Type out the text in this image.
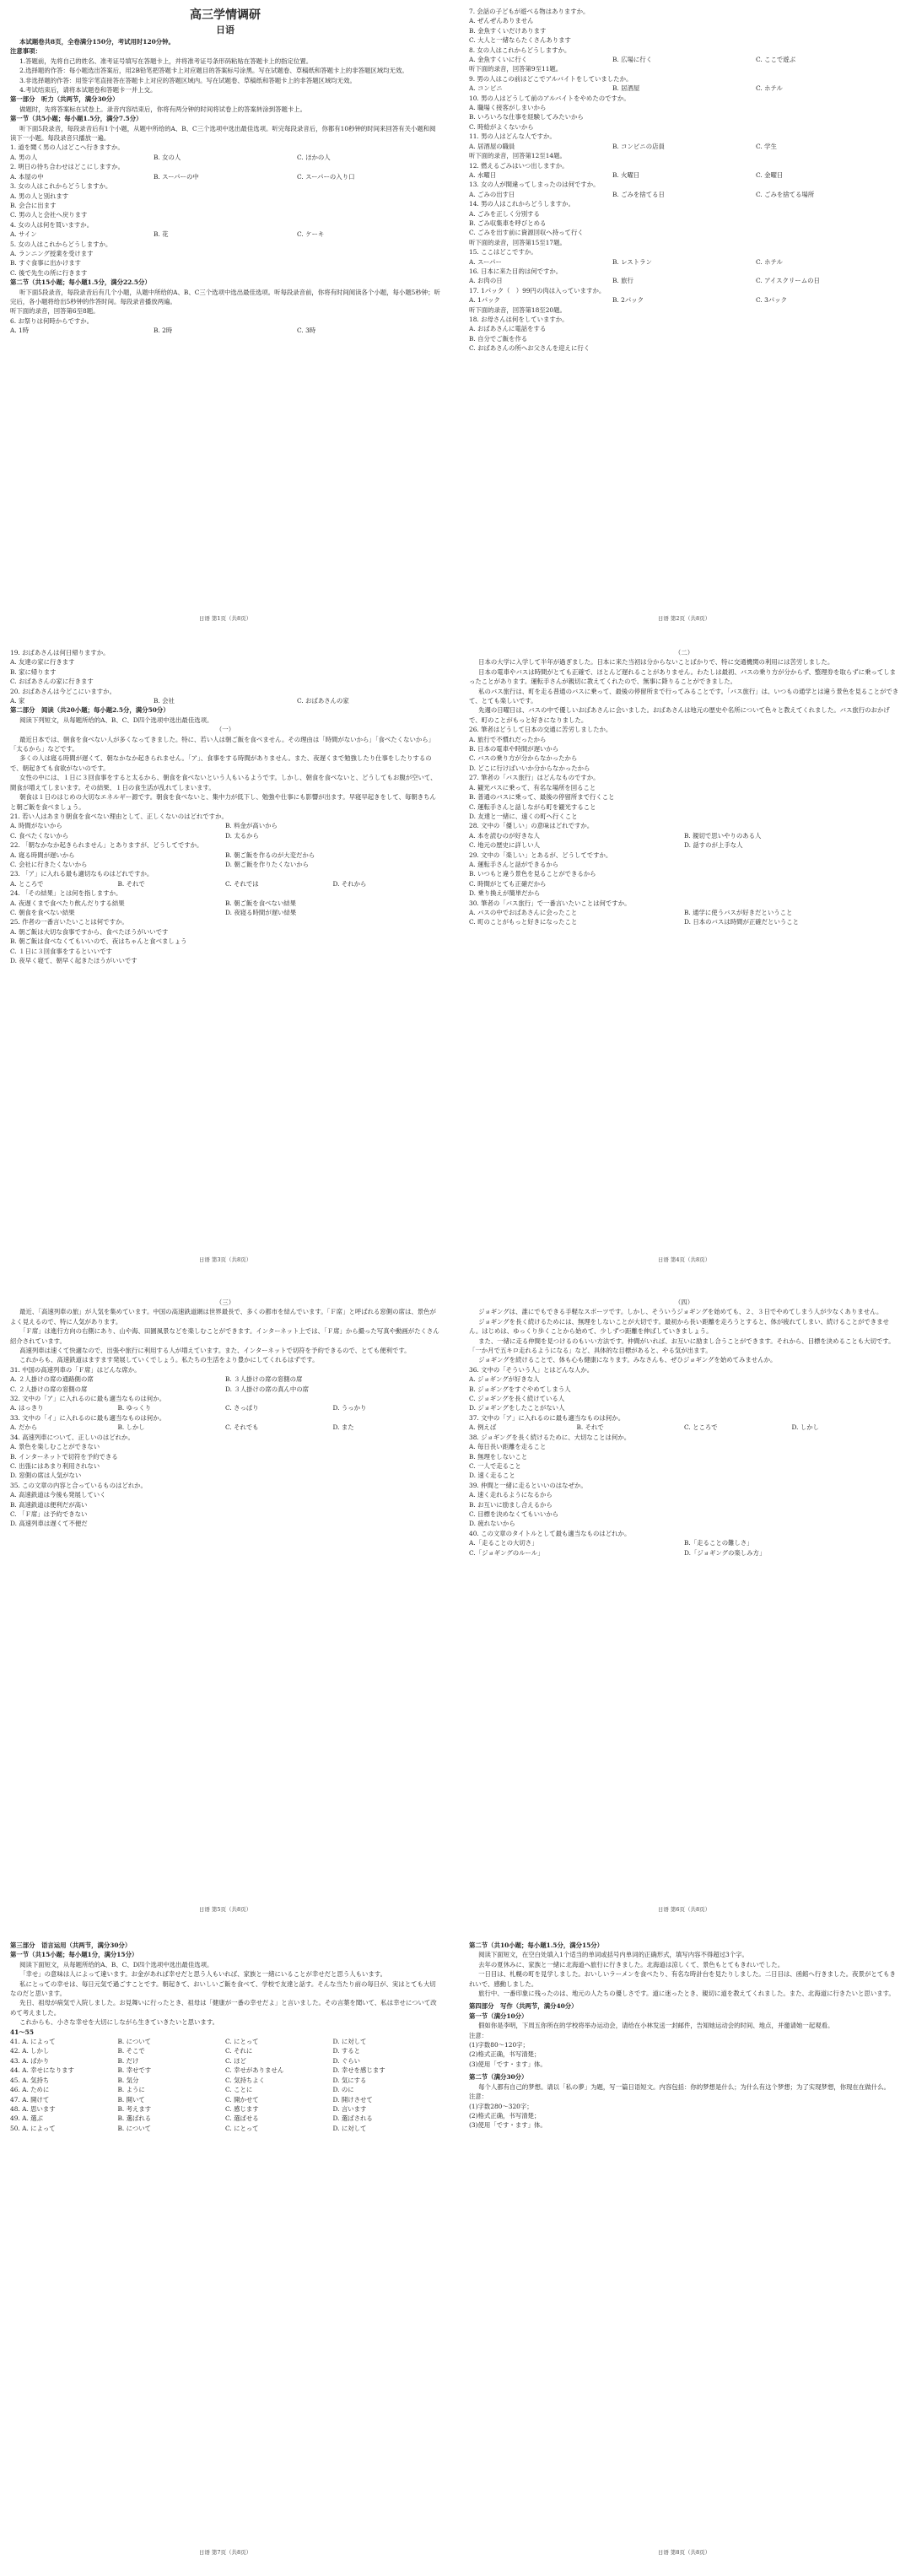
高三学情调研

日语

本试题卷共8页，全卷满分150分，考试用时120分钟。

注意事项：

1.答题前，先将自己的姓名、准考证号填写在答题卡上，并将准考证号条形码粘贴在答题卡上的指定位置。

2.选择题的作答：每小题选出答案后，用2B铅笔把答题卡上对应题目的答案标号涂黑。写在试题卷、草稿纸和答题卡上的非答题区域均无效。

3.非选择题的作答：用签字笔直接答在答题卡上对应的答题区域内。写在试题卷、草稿纸和答题卡上的非答题区域均无效。

4.考试结束后，请将本试题卷和答题卡一并上交。

第一部分　听力（共两节，满分30分）

做题时，先将答案标在试卷上。录音内容结束后，你将有两分钟的时间将试卷上的答案转涂到答题卡上。

第一节（共5小题；每小题1.5分，满分7.5分）

听下面5段录音，每段录音后有1个小题，从题中所给的A、B、C三个选项中选出最佳选项。听完每段录音后，你都有10秒钟的时间来回答有关小题和阅读下一小题。每段录音只播放一遍。

1. 道を聞く男の人はどこへ行きますか。

A. 男の人	B. 女の人	C. ほかの人

2. 明日の待ち合わせはどこにしますか。

A. 本屋の中	B. スーパーの中	C. スーパーの入り口

3. 女の人はこれからどうしますか。

A. 男の人と別れます

B. 会合に出ます

C. 男の人と会社へ戻ります

4. 女の人は何を買いますか。

A. サイン	B. 花	C. ケーキ

5. 女の人はこれからどうしますか。

A. ランニング授業を受けます

B. すぐ食事に出かけます

C. 後で先生の所に行きます

第二节（共15小题；每小题1.5分，满分22.5分）

听下面5段录音，每段录音后有几个小题，从题中所给的A、B、C三个选项中选出最佳选项。听每段录音前，你将有时间阅读各个小题，每小题5秒钟；听完后，各小题将给出5秒钟的作答时间。每段录音播放两遍。

听下面的录音，回答第6至8题。

6. お祭りは何時からですか。

A. 1時	B. 2時	C. 3時
日语 第1页（共8页）

7. 会話の子どもが遊べる物はありますか。

A. ぜんぜんありません

B. 金魚すくいだけあります

C. 大人と一緒ならたくさんあります

8. 女の人はこれからどうしますか。

A. 金魚すくいに行く	B. 広場に行く	C. ここで遊ぶ

听下面的录音，回答第9至11题。

9. 男の人はこの前はどこでアルバイトをしていましたか。

A. コンビニ	B. 居酒屋	C. ホテル

10. 男の人はどうして前のアルバイトをやめたのですか。

A. 職場く接客がしまいから

B. いろいろな仕事を経験してみたいから

C. 時給がよくないから

11. 男の人はどんな人ですか。

A. 居酒屋の職員	B. コンビニの店員	C. 学生

听下面的录音，回答第12至14题。

12. 燃えるごみはいつ出しますか。

A. 水曜日	B. 火曜日	C. 金曜日

13. 女の人が間違ってしまったのは何ですか。

A. ごみの出す日	B. ごみを捨てる日	C. ごみを捨てる場所

14. 男の人はこれからどうしますか。

A. ごみを正しく分別する

B. ごみ収集車を呼びとめる

C. ごみを出す前に資源回収へ持って行く

听下面的录音，回答第15至17题。

15. ここはどこですか。

A. スーパー	B. レストラン	C. ホテル

16. 日本に来た目的は何ですか。

A. お肉の日	B. 旅行	C. アイスクリームの日

17. 1パック（　）99円の肉は入っていますか。

A. 1パック	B. 2パック	C. 3パック

听下面的录音，回答第18至20题。

18. お母さんは何をしていますか。

A. おばあさんに電話をする

B. 自分でご飯を作る

C. おばあさんの所へお父さんを迎えに行く

日语 第2页（共8页）

19. おばあさんは何日帰りますか。

A. 友達の家に行きます

B. 家に帰ります

C. おばあさんの家に行きます

20. おばあさんは今どこにいますか。

A. 家	B. 会社	C. おばあさんの家

第二部分　阅读（共20小题；每小题2.5分，满分50分）

阅读下列短文，从每题所给的A、B、C、D四个选项中选出最佳选项。

（一）

最近日本では、朝食を食べない人が多くなってきました。特に、若い人は朝ご飯を食べません。その理由は「時間がないから」「食べたくないから」「太るから」などです。

多くの人は寝る時間が遅くて、朝なかなか起きられません。「ア」、食事をする時間がありません。また、夜遅くまで勉強したり仕事をしたりするので、朝起きても食欲がないのです。

女性の中には、１日に３回食事をすると太るから、朝食を食べないという人もいるようです。しかし、朝食を食べないと、どうしてもお腹が空いて、間食が増えてしまいます。その結果、１日の食生活が乱れてしまいます。

朝食は１日のはじめの大切なエネルギー源です。朝食を食べないと、集中力が低下し、勉強や仕事にも影響が出ます。早寝早起きをして、毎朝きちんと朝ご飯を食べましょう。

21. 若い人はあまり朝食を食べない理由として、正しくないのはどれですか。

A. 時間がないから	B. 料金が高いから
C. 食べたくないから	D. 太るから

22. 「朝なかなか起きられません」とありますが、どうしてですか。

A. 寝る時間が遅いから	B. 朝ご飯を作るのが大変だから
C. 会社に行きたくないから	D. 朝ご飯を作りたくないから

23. 「ア」に入れる最も適切なものはどれですか。

A. ところで	B. それで	C. それでは	D. それから

24. 「その結果」とは何を指しますか。

A. 夜遅くまで食べたり飲んだりする結果	B. 朝ご飯を食べない結果
C. 朝食を食べない結果	D. 夜寝る時間が遅い結果

25. 作者の一番言いたいことは何ですか。

A. 朝ご飯は大切な食事ですから、食べたほうがいいです

B. 朝ご飯は食べなくてもいいので、夜はちゃんと食べましょう

C. １日に３回食事をするといいです

D. 夜早く寝て、朝早く起きたほうがいいです

日语 第3页（共8页）

（二）

日本の大学に入学して半年が過ぎました。日本に来た当初は分からないことばかりで、特に交通機関の利用には苦労しました。

日本の電車やバスは時間がとても正確で、ほとんど遅れることがありません。わたしは最初、バスの乗り方が分からず、整理券を取らずに乗ってしまったことがあります。運転手さんが親切に教えてくれたので、無事に降りることができました。

私のバス旅行は、町を走る普通のバスに乗って、最後の停留所まで行ってみることです。「バス旅行」は、いつもの通学とは違う景色を見ることができて、とても楽しいです。

先週の日曜日は、バスの中で優しいおばあさんに会いました。おばあさんは地元の歴史や名所について色々と教えてくれました。バス旅行のおかげで、町のことがもっと好きになりました。

26. 筆者はどうして日本の交通に苦労しましたか。

A. 旅行で不慣れだったから

B. 日本の電車や時間が遅いから

C. バスの乗り方が分からなかったから

D. どこに行けばいいか分からなかったから

27. 筆者の「バス旅行」はどんなものですか。

A. 観光バスに乗って、有名な場所を回ること

B. 普通のバスに乗って、最後の停留所まで行くこと

C. 運転手さんと話しながら町を観光すること

D. 友達と一緒に、遠くの町へ行くこと

28. 文中の「優しい」の意味はどれですか。

A. 本を読むのが好きな人	B. 親切で思いやりのある人
C. 地元の歴史に詳しい人	D. 話すのが上手な人

29. 文中の「楽しい」とあるが、どうしてですか。

A. 運転手さんと話ができるから

B. いつもと違う景色を見ることができるから

C. 時間がとても正確だから

D. 乗り換えが簡単だから

30. 筆者の「バス旅行」で一番言いたいことは何ですか。

A. バスの中でおばあさんに会ったこと	B. 通学に使うバスが好きだということ
C. 町のことがもっと好きになったこと	D. 日本のバスは時間が正確だということ
日语 第4页（共8页）

（三）

最近、「高速列車の旅」が人気を集めています。中国の高速鉄道網は世界最長で、多くの都市を結んでいます。「Ｆ席」と呼ばれる窓側の席は、景色がよく見えるので、特に人気があります。

「Ｆ席」は進行方向の右側にあり、山や海、田園風景などを楽しむことができます。インターネット上では、「Ｆ席」から撮った写真や動画がたくさん紹介されています。

高速列車は速くて快適なので、出張や旅行に利用する人が増えています。また、インターネットで切符を予約できるので、とても便利です。

これからも、高速鉄道はますます発展していくでしょう。私たちの生活をより豊かにしてくれるはずです。

31. 中国の高速列車の「Ｆ席」はどんな席か。

A. ２人掛けの席の通路側の席	B. ３人掛けの席の窓側の席
C. ２人掛けの席の窓側の席	D. ３人掛けの席の真ん中の席

32. 文中の「ア」に入れるのに最も適当なものは何か。

A. はっきり	B. ゆっくり	C. さっぱり	D. うっかり

33. 文中の「イ」に入れるのに最も適当なものは何か。

A. だから	B. しかし	C. それでも	D. また

34. 高速列車について、正しいのはどれか。

A. 景色を楽しむことができない

B. インターネットで切符を予約できる

C. 出張にはあまり利用されない

D. 窓側の席は人気がない

35. この文章の内容と合っているものはどれか。

A. 高速鉄道は今後も発展していく

B. 高速鉄道は便利だが高い

C. 「Ｆ席」は予約できない

D. 高速列車は遅くて不便だ

日语 第5页（共8页）

（四）

ジョギングは、誰にでもできる手軽なスポーツです。しかし、そういうジョギングを始めても、２、３日でやめてしまう人が少なくありません。

ジョギングを長く続けるためには、無理をしないことが大切です。最初から長い距離を走ろうとすると、体が疲れてしまい、続けることができません。はじめは、ゆっくり歩くことから始めて、少しずつ距離を伸ばしていきましょう。

また、一緒に走る仲間を見つけるのもいい方法です。仲間がいれば、お互いに励まし合うことができます。それから、目標を決めることも大切です。「一か月で五キロ走れるようになる」など、具体的な目標があると、やる気が出ます。

ジョギングを続けることで、体も心も健康になります。みなさんも、ぜひジョギングを始めてみませんか。

36. 文中の「そういう人」とはどんな人か。

A. ジョギングが好きな人

B. ジョギングをすぐやめてしまう人

C. ジョギングを長く続けている人

D. ジョギングをしたことがない人

37. 文中の「ア」に入れるのに最も適当なものは何か。

A. 例えば	B. それで	C. ところで	D. しかし

38. ジョギングを長く続けるために、大切なことは何か。

A. 毎日長い距離を走ること

B. 無理をしないこと

C. 一人で走ること

D. 速く走ること

39. 仲間と一緒に走るといいのはなぜか。

A. 速く走れるようになるから

B. お互いに励まし合えるから

C. 目標を決めなくてもいいから

D. 疲れないから

40. この文章のタイトルとして最も適当なものはどれか。

A.「走ることの大切さ」	B.「走ることの難しさ」
C.「ジョギングのルール」	D.「ジョギングの楽しみ方」
日语 第6页（共8页）

第三部分　语言运用（共两节，满分30分）

第一节（共15小题；每小题1分，满分15分）

阅读下面短文，从每题所给的A、B、C、D四个选项中选出最佳选项。

「幸せ」の意味は人によって違います。お金があれば幸せだと思う人もいれば、家族と一緒にいることが幸せだと思う人もいます。

私にとっての幸せは、毎日元気で過ごすことです。朝起きて、おいしいご飯を食べて、学校で友達と話す。そんな当たり前の毎日が、実はとても大切なのだと思います。

先日、祖母が病気で入院しました。お見舞いに行ったとき、祖母は「健康が一番の幸せだよ」と言いました。その言葉を聞いて、私は幸せについて改めて考えました。

これからも、小さな幸せを大切にしながら生きていきたいと思います。

41〜55

41. A. によって	B. について	C. にとって	D. に対して
42. A. しかし	B. そこで	C. それに	D. すると
43. A. ばかり	B. だけ	C. ほど	D. ぐらい
44. A. 幸せになります	B. 幸せです	C. 幸せがありません	D. 幸せを感じます
45. A. 気持ち	B. 気分	C. 気持ちよく	D. 気にする
46. A. ために	B. ように	C. ことに	D. のに
47. A. 開けて	B. 開いて	C. 開かせて	D. 開けさせて
48. A. 思います	B. 考えます	C. 感じます	D. 言います
49. A. 選ぶ	B. 選ばれる	C. 選ばせる	D. 選ばされる
50. A. によって	B. について	C. にとって	D. に対して
日语 第7页（共8页）

第二节（共10小题；每小题1.5分，满分15分）

阅读下面短文，在空白处填入1个适当的单词或括号内单词的正确形式，填写内容不得超过3个字。

去年の夏休みに、家族と一緒に北海道へ旅行に行きました。北海道は涼しくて、景色もとてもきれいでした。

一日目は、札幌の町を見学しました。おいしいラーメンを食べたり、有名な時計台を見たりしました。二日目は、函館へ行きました。夜景がとてもきれいで、感動しました。

旅行中、一番印象に残ったのは、地元の人たちの優しさです。道に迷ったとき、親切に道を教えてくれました。また、北海道に行きたいと思います。

第四部分　写作（共两节，满分40分）

第一节（满分10分）

假如你是李明，下周五你所在的学校将举办运动会，请给在小林发送一封邮件，告知她运动会的时间、地点，并邀请她一起观看。

注意：

(1)字数80～120字；

(2)格式正确，书写清楚；

(3)使用「です・ます」体。

第二节（满分30分）

每个人都有自己的梦想。请以「私の夢」为题，写一篇日语短文。内容包括：你的梦想是什么；为什么有这个梦想；为了实现梦想，你现在在做什么。

注意：

(1)字数280～320字；

(2)格式正确，书写清楚；

(3)使用「です・ます」体。

日语 第8页（共8页）
